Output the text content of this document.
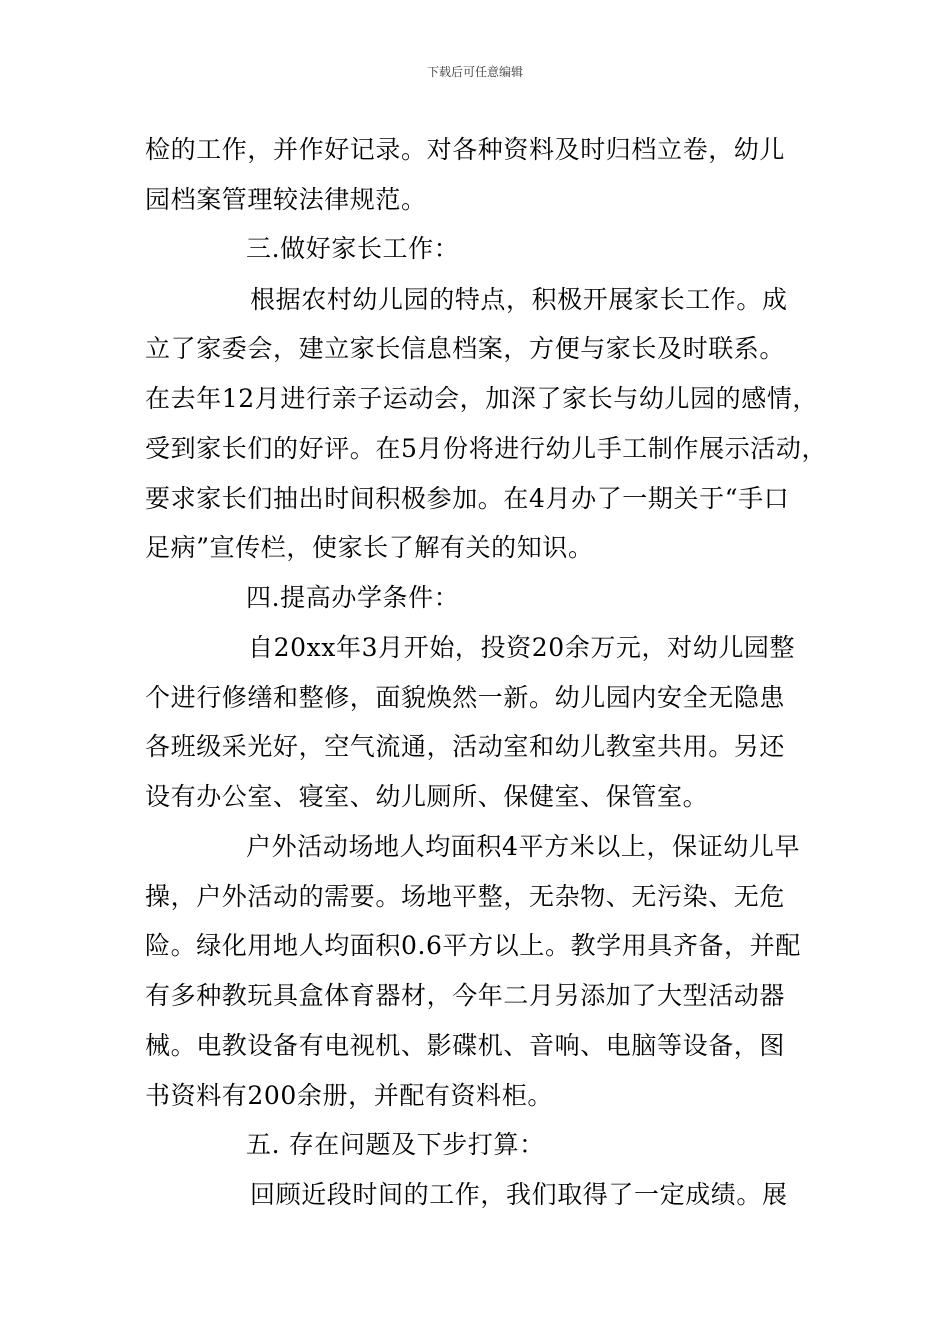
下载后可任意编辑
检的工作，并作好记录。对各种资料及时归档立卷，幼儿
园档案管理较法律规范。
三.做好家长工作：
根据农村幼儿园的特点，积极开展家长工作。成
立了家委会，建立家长信息档案，方便与家长及时联系。
在去年12月进行亲子运动会，加深了家长与幼儿园的感情，
受到家长们的好评。在5月份将进行幼儿手工制作展示活动，
要求家长们抽出时间积极参加。在4月办了一期关于“手口
足病”宣传栏，使家长了解有关的知识。
四.提高办学条件：
自20xx年3月开始，投资20余万元，对幼儿园整
个进行修缮和整修，面貌焕然一新。幼儿园内安全无隐患
各班级采光好，空气流通，活动室和幼儿教室共用。另还
设有办公室、寝室、幼儿厕所、保健室、保管室。
户外活动场地人均面积4平方米以上，保证幼儿早
操，户外活动的需要。场地平整，无杂物、无污染、无危
险。绿化用地人均面积0.6平方以上。教学用具齐备，并配
有多种教玩具盒体育器材，今年二月另添加了大型活动器
械。电教设备有电视机、影碟机、音响、电脑等设备，图
书资料有200余册，并配有资料柜。
五. 存在问题及下步打算：
回顾近段时间的工作，我们取得了一定成绩。展
